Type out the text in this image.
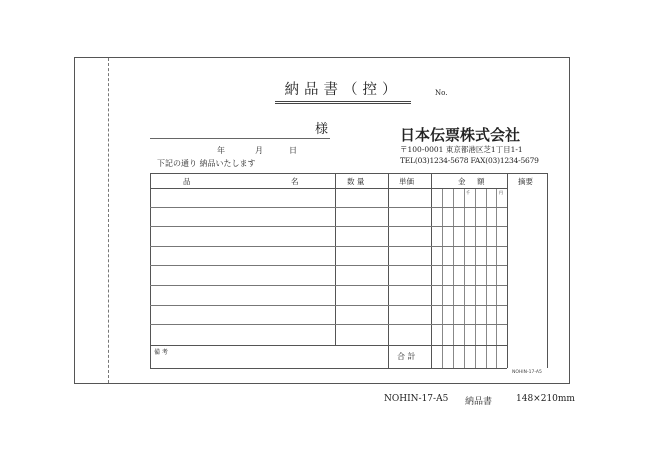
納品書（控）	No.
様
年	月	日
下記の通り 納品いたします
日本伝票株式会社
〒100-0001 東京都港区芝1丁目1-1
TEL(03)1234-5678 FAX(03)1234-5679
品	名	数 量	単価	金 額	摘要
千	円
備 考	合 計
NOHIN-17-A5
NOHIN-17-A5 納品書	148×210mm
